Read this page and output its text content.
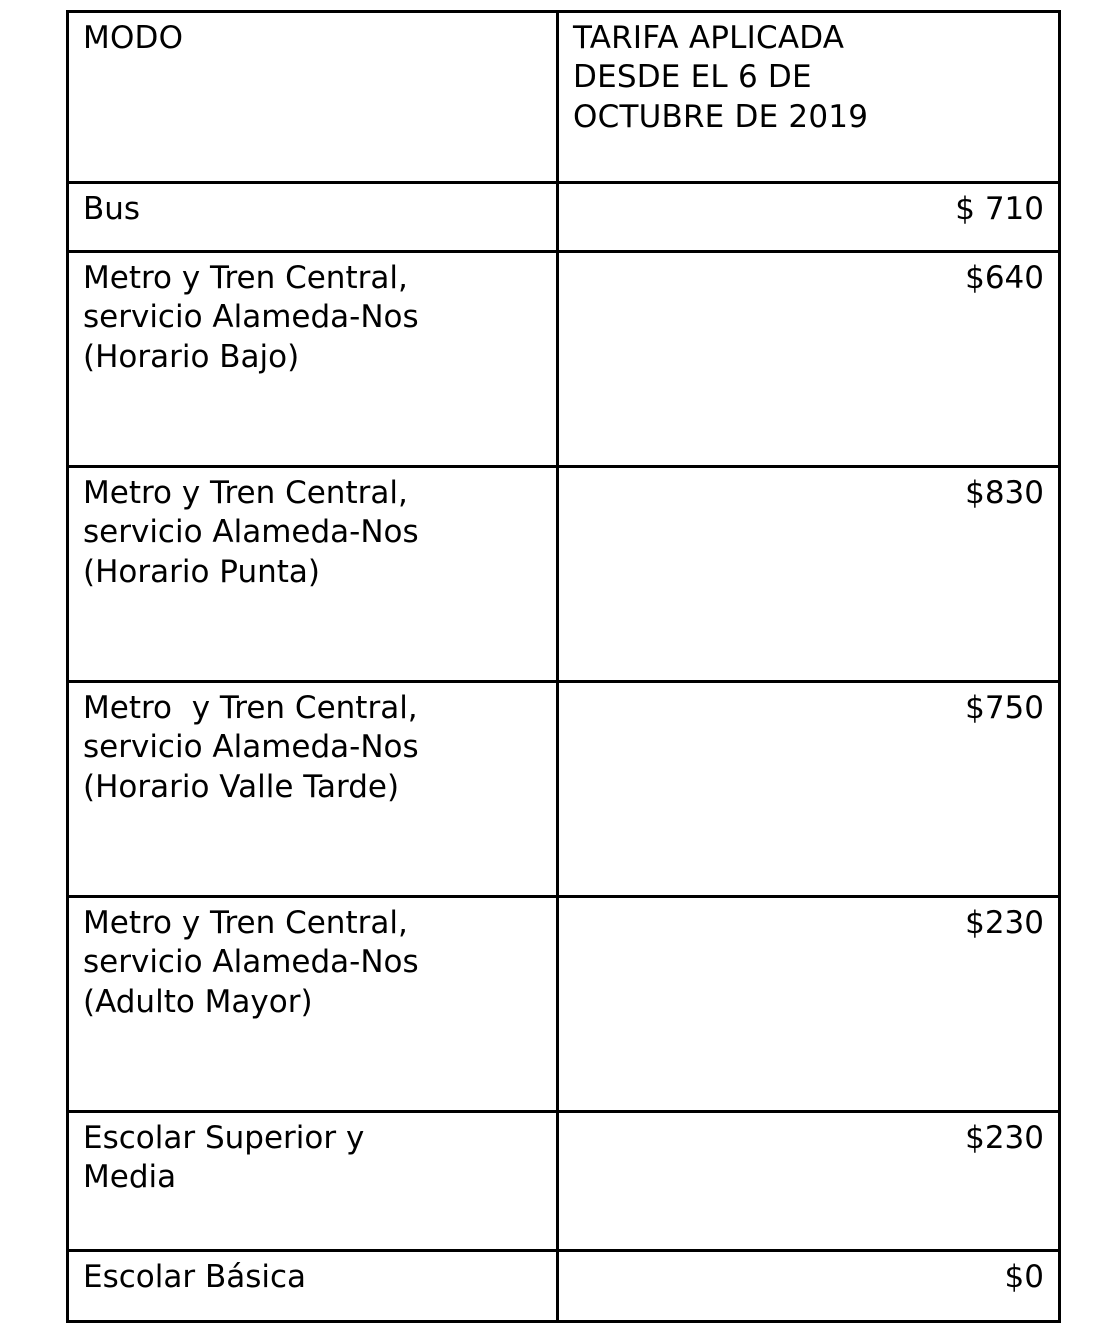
MODO	TARIFA APLICADA
DESDE EL 6 DE
OCTUBRE DE 2019

Bus	$ 710

Metro y Tren Central,
servicio Alameda-Nos
(Horario Bajo)	$640

Metro y Tren Central,
servicio Alameda-Nos
(Horario Punta)	$830

Metro  y Tren Central,
servicio Alameda-Nos
(Horario Valle Tarde)	$750

Metro y Tren Central,
servicio Alameda-Nos
(Adulto Mayor)	$230

Escolar Superior y
Media	$230

Escolar Básica	$0
